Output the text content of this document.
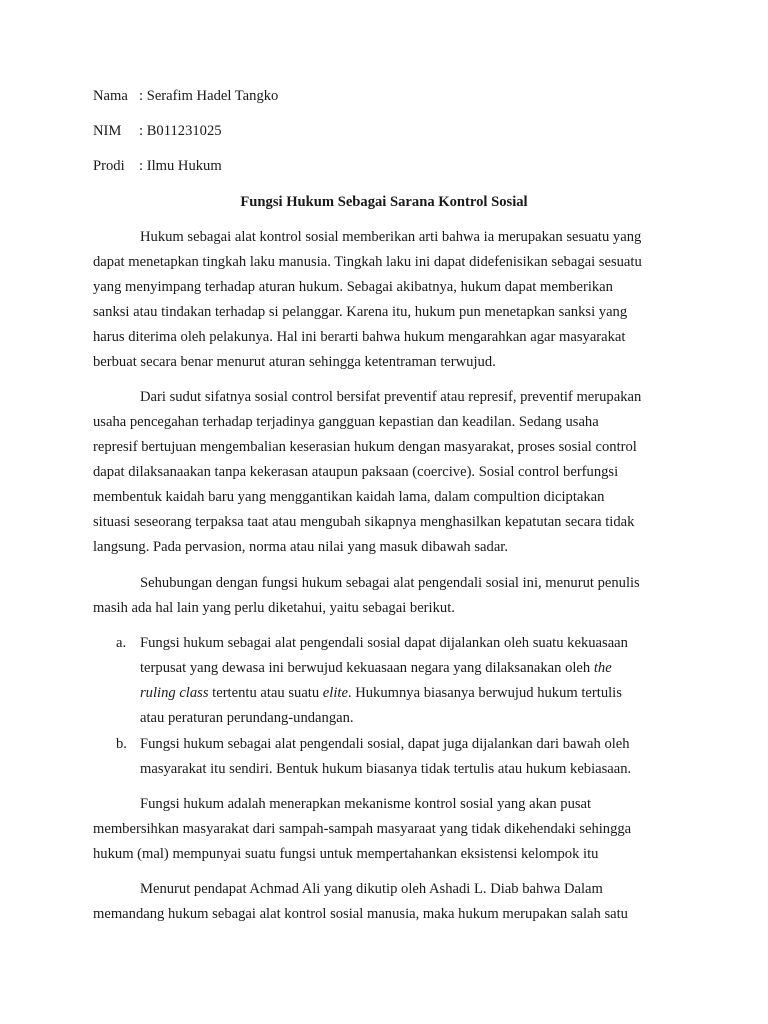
Nama : Serafim Hadel Tangko
NIM : B011231025
Prodi : Ilmu Hukum
Fungsi Hukum Sebagai Sarana Kontrol Sosial
Hukum sebagai alat kontrol sosial memberikan arti bahwa ia merupakan sesuatu yang
dapat menetapkan tingkah laku manusia. Tingkah laku ini dapat didefenisikan sebagai sesuatu
yang menyimpang terhadap aturan hukum. Sebagai akibatnya, hukum dapat memberikan
sanksi atau tindakan terhadap si pelanggar. Karena itu, hukum pun menetapkan sanksi yang
harus diterima oleh pelakunya. Hal ini berarti bahwa hukum mengarahkan agar masyarakat
berbuat secara benar menurut aturan sehingga ketentraman terwujud.
Dari sudut sifatnya sosial control bersifat preventif atau represif, preventif merupakan
usaha pencegahan terhadap terjadinya gangguan kepastian dan keadilan. Sedang usaha
represif bertujuan mengembalian keserasian hukum dengan masyarakat, proses sosial control
dapat dilaksanaakan tanpa kekerasan ataupun paksaan (coercive). Sosial control berfungsi
membentuk kaidah baru yang menggantikan kaidah lama, dalam compultion diciptakan
situasi seseorang terpaksa taat atau mengubah sikapnya menghasilkan kepatutan secara tidak
langsung. Pada pervasion, norma atau nilai yang masuk dibawah sadar.
Sehubungan dengan fungsi hukum sebagai alat pengendali sosial ini, menurut penulis
masih ada hal lain yang perlu diketahui, yaitu sebagai berikut.
a. Fungsi hukum sebagai alat pengendali sosial dapat dijalankan oleh suatu kekuasaan
terpusat yang dewasa ini berwujud kekuasaan negara yang dilaksanakan oleh the
ruling class tertentu atau suatu elite. Hukumnya biasanya berwujud hukum tertulis
atau peraturan perundang-undangan.
b. Fungsi hukum sebagai alat pengendali sosial, dapat juga dijalankan dari bawah oleh
masyarakat itu sendiri. Bentuk hukum biasanya tidak tertulis atau hukum kebiasaan.
Fungsi hukum adalah menerapkan mekanisme kontrol sosial yang akan pusat
membersihkan masyarakat dari sampah-sampah masyaraat yang tidak dikehendaki sehingga
hukum (mal) mempunyai suatu fungsi untuk mempertahankan eksistensi kelompok itu
Menurut pendapat Achmad Ali yang dikutip oleh Ashadi L. Diab bahwa Dalam
memandang hukum sebagai alat kontrol sosial manusia, maka hukum merupakan salah satu
